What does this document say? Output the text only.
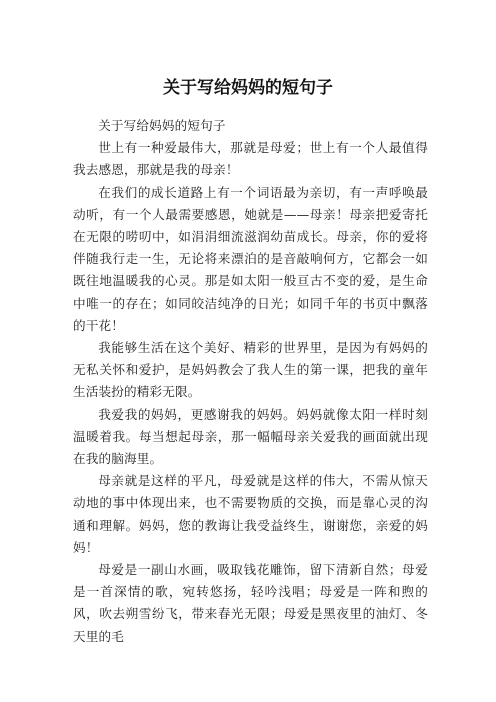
关于写给妈妈的短句子

关于写给妈妈的短句子

世上有一种爱最伟大，那就是母爱；世上有一个人最值得我去感恩，那就是我的母亲！

在我们的成长道路上有一个词语最为亲切，有一声呼唤最动听，有一个人最需要感恩，她就是——母亲！母亲把爱寄托在无限的唠叨中，如涓涓细流滋润幼苗成长。母亲，你的爱将伴随我行走一生，无论将来漂泊的是音敲响何方，它都会一如既往地温暖我的心灵。那是如太阳一般亘古不变的爱，是生命中唯一的存在；如同皎洁纯净的日光；如同千年的书页中飘落的干花！

我能够生活在这个美好、精彩的世界里，是因为有妈妈的无私关怀和爱护，是妈妈教会了我人生的第一课，把我的童年生活装扮的精彩无限。

我爱我的妈妈，更感谢我的妈妈。妈妈就像太阳一样时刻温暖着我。每当想起母亲，那一幅幅母亲关爱我的画面就出现在我的脑海里。

母亲就是这样的平凡，母爱就是这样的伟大，不需从惊天动地的事中体现出来，也不需要物质的交换，而是靠心灵的沟通和理解。妈妈，您的教诲让我受益终生，谢谢您，亲爱的妈妈！

母爱是一副山水画，吸取钱花雕饰，留下清新自然；母爱是一首深情的歌，宛转悠扬，轻吟浅唱；母爱是一阵和煦的风，吹去朔雪纷飞，带来春光无限；母爱是黑夜里的油灯、冬天里的毛
